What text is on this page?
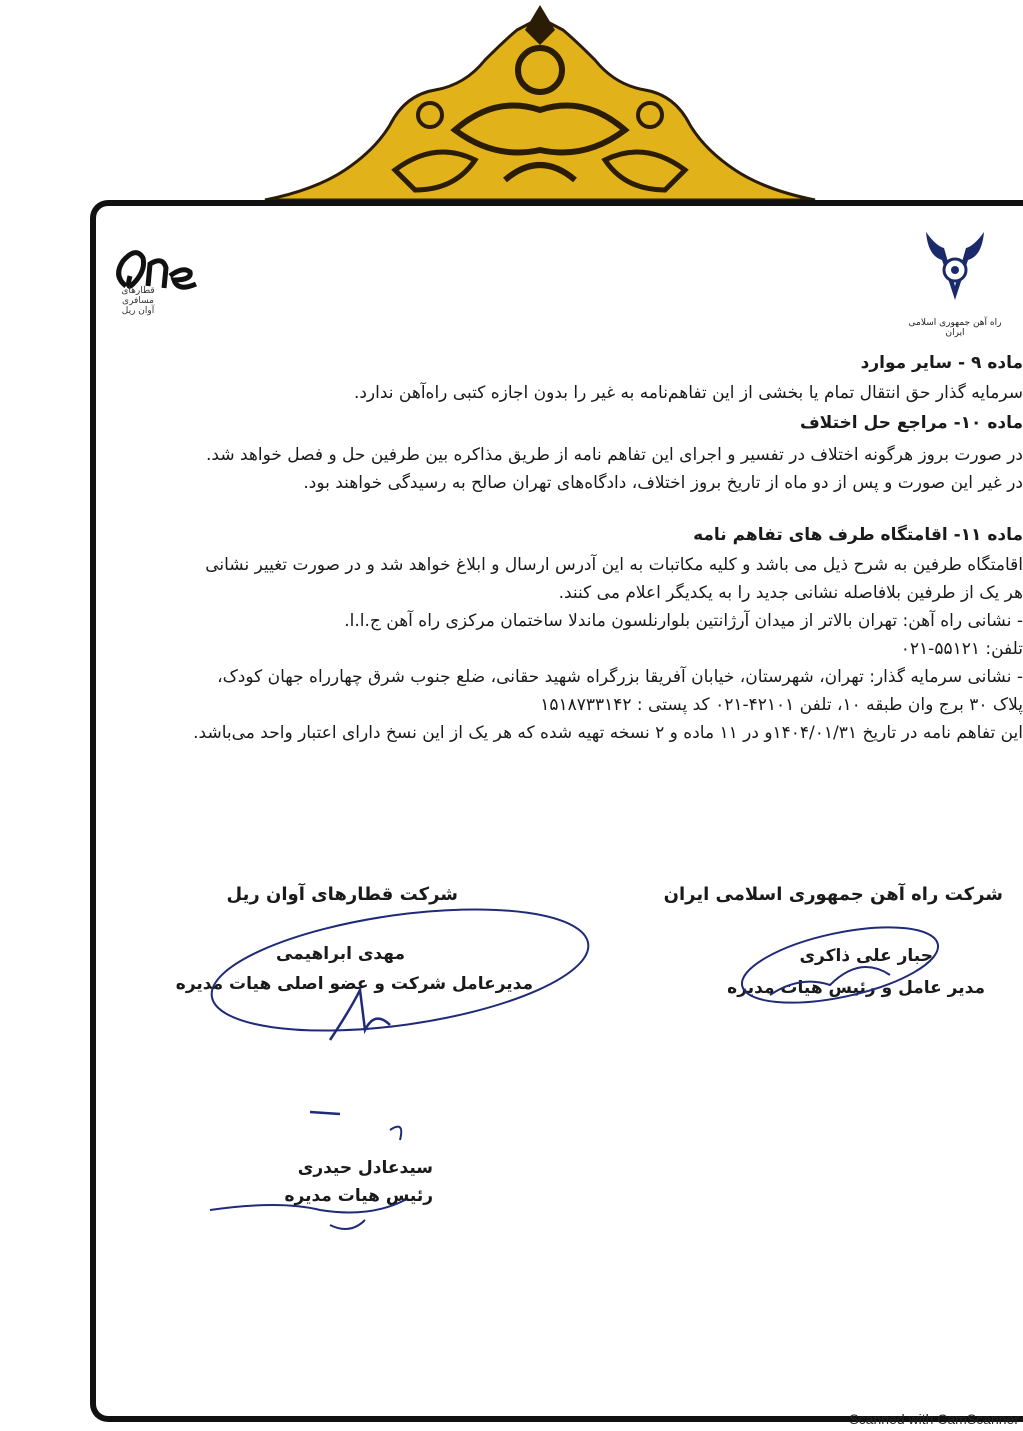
قطارهای مسافری آوان ریل
راه آهن جمهوری اسلامی ایران
ماده ۹ - سایر موارد
سرمایه گذار حق انتقال تمام یا بخشی از این تفاهم‌نامه به غیر را بدون اجازه کتبی راه‌آهن ندارد.
ماده ۱۰- مراجع حل اختلاف
در صورت بروز هرگونه اختلاف در تفسیر و اجرای این تفاهم نامه از طریق مذاکره بین طرفین حل و فصل خواهد شد.
در غیر این صورت و پس از دو ماه از تاریخ بروز اختلاف، دادگاه‌های تهران صالح به رسیدگی خواهند بود.
ماده ۱۱- اقامتگاه طرف های تفاهم نامه
اقامتگاه طرفین به شرح ذیل می باشد و کلیه مکاتبات به این آدرس ارسال و ابلاغ خواهد شد و در صورت تغییر نشانی
هر یک از طرفین بلافاصله نشانی جدید را به یکدیگر اعلام می کنند.
- نشانی راه آهن: تهران بالاتر از میدان آرژانتین بلوارنلسون ماندلا ساختمان مرکزی راه آهن ج.ا.ا.
تلفن: ۵۵۱۲۱-۰۲۱
- نشانی سرمایه گذار: تهران، شهرستان، خیابان آفریقا بزرگراه شهید حقانی، ضلع جنوب شرق چهارراه جهان کودک،
پلاک ۳۰ برج وان طبقه ۱۰، تلفن ۴۲۱۰۱-۰۲۱ کد پستی : ۱۵۱۸۷۳۳۱۴۲
این تفاهم نامه در تاریخ ۱۴۰۴/۰۱/۳۱و در ۱۱ ماده و ۲ نسخه تهیه شده که هر یک از این نسخ دارای اعتبار واحد می‌باشد.
شرکت راه آهن جمهوری اسلامی ایران
جبار علی ذاکری
مدیر عامل و رئیس هیات مدیره
شرکت قطارهای آوان ریل
مهدی ابراهیمی
مدیرعامل شرکت و عضو اصلی هیات مدیره
سیدعادل حیدری
رئیس هیات مدیره
Scanned with CamScanner
